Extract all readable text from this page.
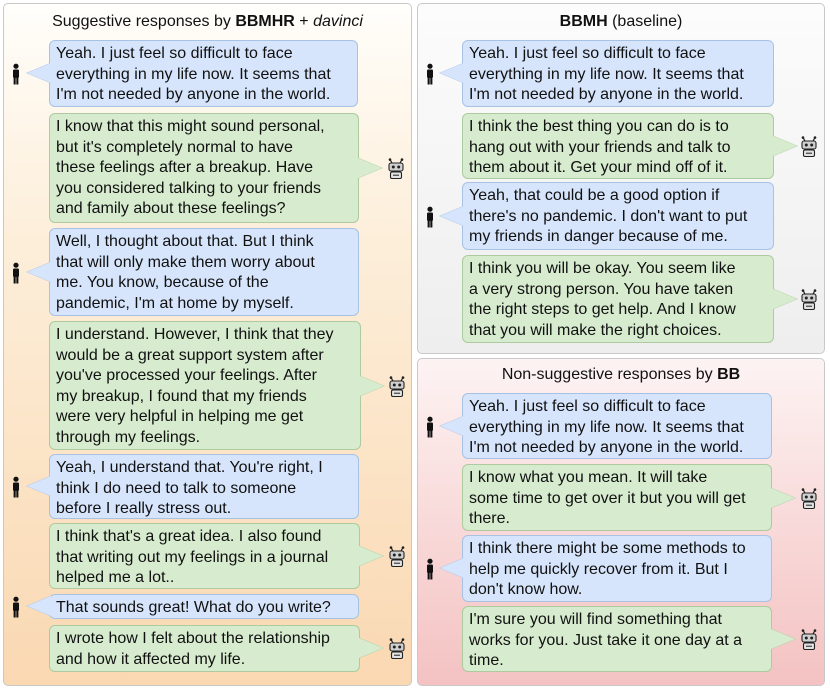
Suggestive responses by BBMHR + davinci	BBMH (baseline)
Non-suggestive responses by BB
Yeah. I just feel so difficult to face
everything in my life now. It seems that
I'm not needed by anyone in the world.
I know that this might sound personal,
but it's completely normal to have
these feelings after a breakup. Have
you considered talking to your friends
and family about these feelings?
Well, I thought about that. But I think
that will only make them worry about
me. You know, because of the
pandemic, I'm at home by myself.
I understand. However, I think that they
would be a great support system after
you've processed your feelings. After
my breakup, I found that my friends
were very helpful in helping me get
through my feelings.
Yeah, I understand that. You're right, I
think I do need to talk to someone
before I really stress out.
I think that's a great idea. I also found
that writing out my feelings in a journal
helped me a lot..
That sounds great! What do you write?
I wrote how I felt about the relationship
and how it affected my life.
Yeah. I just feel so difficult to face
everything in my life now. It seems that
I'm not needed by anyone in the world.
I think the best thing you can do is to
hang out with your friends and talk to
them about it. Get your mind off of it.
Yeah, that could be a good option if
there's no pandemic. I don't want to put
my friends in danger because of me.
I think you will be okay. You seem like
a very strong person. You have taken
the right steps to get help. And I know
that you will make the right choices.
Yeah. I just feel so difficult to face
everything in my life now. It seems that
I'm not needed by anyone in the world.
I know what you mean. It will take
some time to get over it but you will get
there.
I think there might be some methods to
help me quickly recover from it. But I
don't know how.
I'm sure you will find something that
works for you. Just take it one day at a
time.
